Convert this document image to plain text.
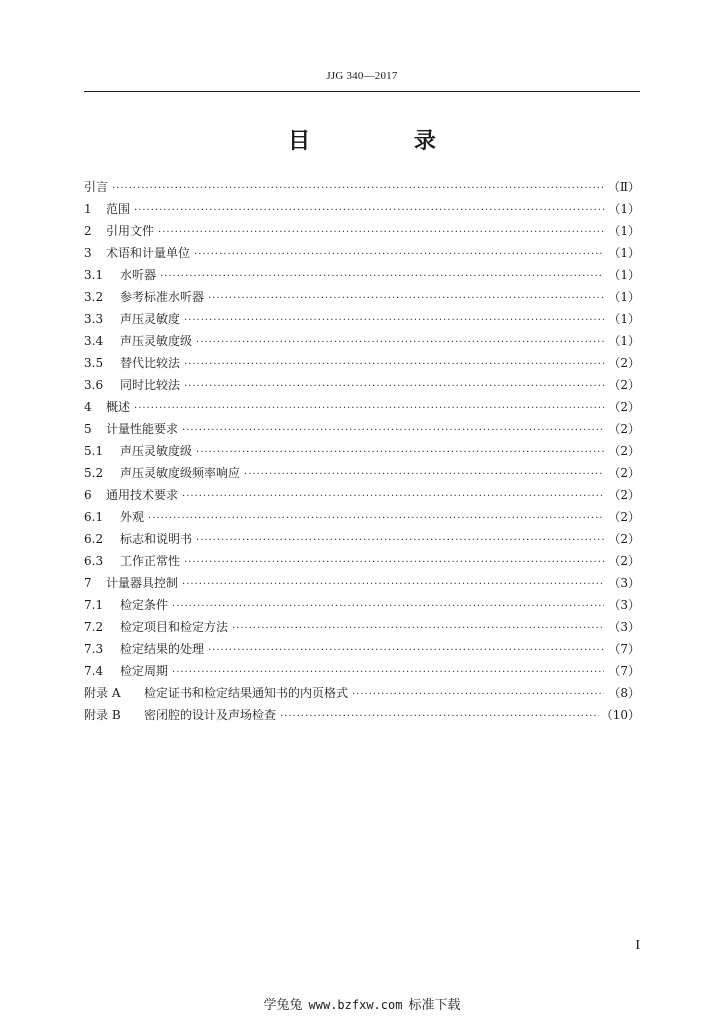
JJG 340—2017
目 录
引言 ·····	（Ⅱ）
1	范围 ·····	（1）
2	引用文件 ·····	（1）
3	术语和计量单位 ·····	（1）
3.1	水听器 ·····	（1）
3.2	参考标准水听器 ·····	（1）
3.3	声压灵敏度 ·····	（1）
3.4	声压灵敏度级 ·····	（1）
3.5	替代比较法 ·····	（2）
3.6	同时比较法 ·····	（2）
4	概述 ·····	（2）
5	计量性能要求 ·····	（2）
5.1	声压灵敏度级 ·····	（2）
5.2	声压灵敏度级频率响应 ·····	（2）
6	通用技术要求 ·····	（2）
6.1	外观 ·····	（2）
6.2	标志和说明书 ·····	（2）
6.3	工作正常性 ·····	（2）
7	计量器具控制 ·····	（3）
7.1	检定条件 ·····	（3）
7.2	检定项目和检定方法 ·····	（3）
7.3	检定结果的处理 ·····	（7）
7.4	检定周期 ·····	（7）
附录 A	检定证书和检定结果通知书的内页格式 ·····	（8）
附录 B	密闭腔的设计及声场检查 ·····	（10）
I
学兔兔 www.bzfxw.com 标准下载
